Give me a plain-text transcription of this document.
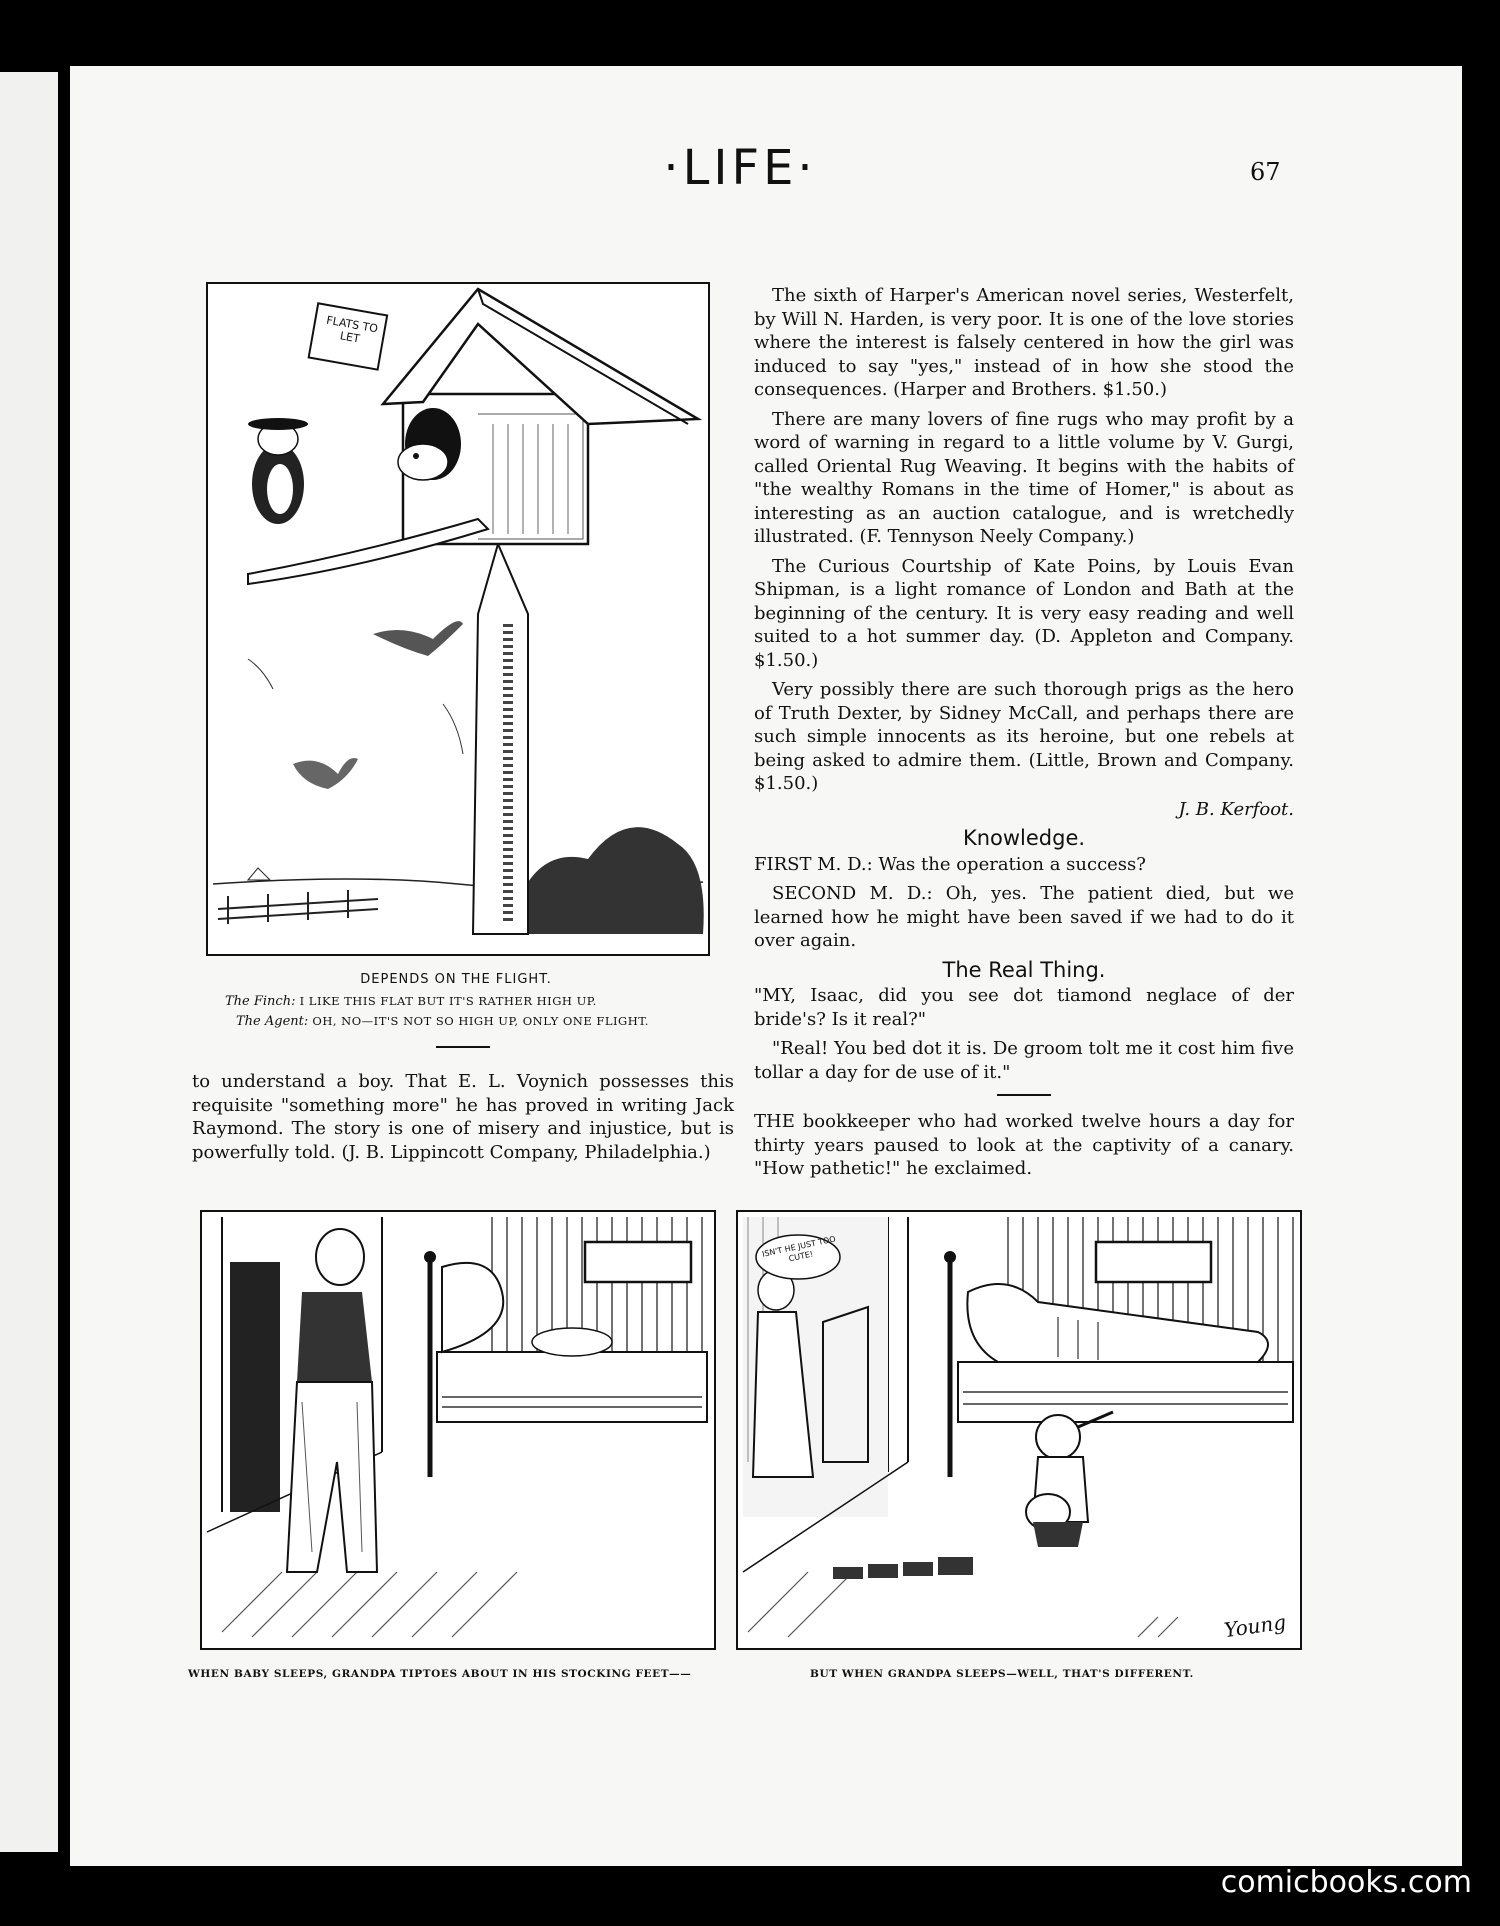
·LIFE·	67
FLATS TO LET
DEPENDS ON THE FLIGHT.
The Finch: I LIKE THIS FLAT BUT IT'S RATHER HIGH UP.
The Agent: OH, NO—IT'S NOT SO HIGH UP, ONLY ONE FLIGHT.

to understand a boy. That E. L. Voynich possesses this requisite "something more" he has proved in writing Jack Raymond. The story is one of misery and injustice, but is powerfully told. (J. B. Lippincott Company, Philadelphia.)

The sixth of Harper's American novel series, Westerfelt, by Will N. Harden, is very poor. It is one of the love stories where the interest is falsely centered in how the girl was induced to say "yes," instead of in how she stood the consequences. (Harper and Brothers. $1.50.)

There are many lovers of fine rugs who may profit by a word of warning in regard to a little volume by V. Gurgi, called Oriental Rug Weaving. It begins with the habits of "the wealthy Romans in the time of Homer," is about as interesting as an auction catalogue, and is wretchedly illustrated. (F. Tennyson Neely Company.)

The Curious Courtship of Kate Poins, by Louis Evan Shipman, is a light romance of London and Bath at the beginning of the century. It is very easy reading and well suited to a hot summer day. (D. Appleton and Company. $1.50.)

Very possibly there are such thorough prigs as the hero of Truth Dexter, by Sidney McCall, and perhaps there are such simple innocents as its heroine, but one rebels at being asked to admire them. (Little, Brown and Company. $1.50.)

J. B. Kerfoot.
Knowledge.

FIRST M. D.: Was the operation a success?

SECOND M. D.: Oh, yes. The patient died, but we learned how he might have been saved if we had to do it over again.

The Real Thing.

"MY, Isaac, did you see dot tiamond neglace of der bride's? Is it real?"

"Real! You bed dot it is. De groom tolt me it cost him five tollar a day for de use of it."

THE bookkeeper who had worked twelve hours a day for thirty years paused to look at the captivity of a canary. "How pathetic!" he exclaimed.

ISN'T HE JUST TOO CUTE!
Young
WHEN BABY SLEEPS, GRANDPA TIPTOES ABOUT IN HIS STOCKING FEET——	BUT WHEN GRANDPA SLEEPS—WELL, THAT'S DIFFERENT.
comicbooks.com
